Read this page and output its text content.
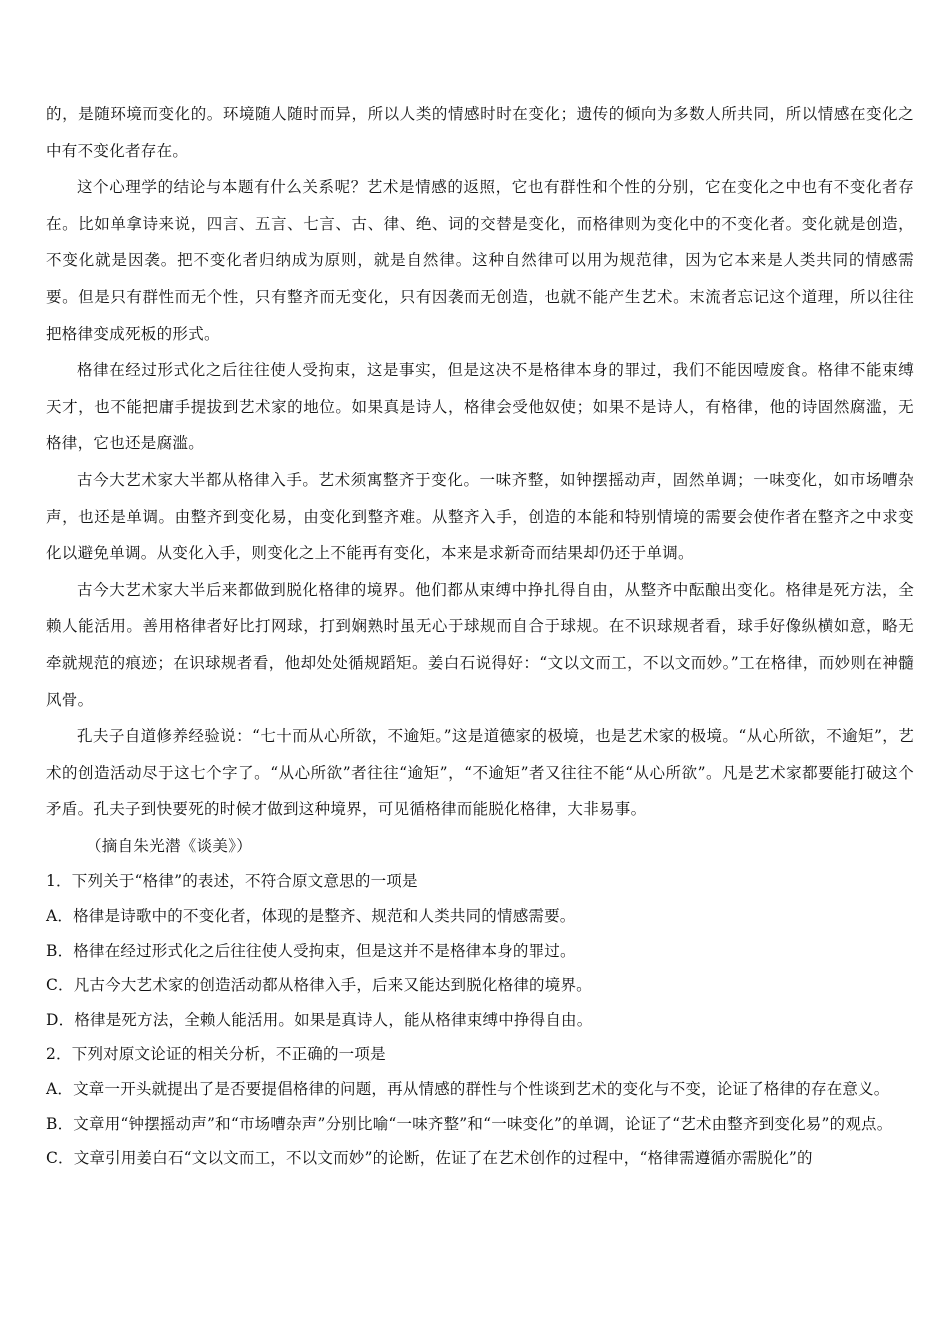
的，是随环境而变化的。环境随人随时而异，所以人类的情感时时在变化；遗传的倾向为多数人所共同，所以情感在变化之中有不变化者存在。

这个心理学的结论与本题有什么关系呢？艺术是情感的返照，它也有群性和个性的分别，它在变化之中也有不变化者存在。比如单拿诗来说，四言、五言、七言、古、律、绝、词的交替是变化，而格律则为变化中的不变化者。变化就是创造，不变化就是因袭。把不变化者归纳成为原则，就是自然律。这种自然律可以用为规范律，因为它本来是人类共同的情感需要。但是只有群性而无个性，只有整齐而无变化，只有因袭而无创造，也就不能产生艺术。末流者忘记这个道理，所以往往把格律变成死板的形式。

格律在经过形式化之后往往使人受拘束，这是事实，但是这决不是格律本身的罪过，我们不能因噎废食。格律不能束缚天才，也不能把庸手提拔到艺术家的地位。如果真是诗人，格律会受他奴使；如果不是诗人，有格律，他的诗固然腐滥，无格律，它也还是腐滥。

古今大艺术家大半都从格律入手。艺术须寓整齐于变化。一味齐整，如钟摆摇动声，固然单调；一味变化，如市场嘈杂声，也还是单调。由整齐到变化易，由变化到整齐难。从整齐入手，创造的本能和特别情境的需要会使作者在整齐之中求变化以避免单调。从变化入手，则变化之上不能再有变化，本来是求新奇而结果却仍还于单调。

古今大艺术家大半后来都做到脱化格律的境界。他们都从束缚中挣扎得自由，从整齐中酝酿出变化。格律是死方法，全赖人能活用。善用格律者好比打网球，打到娴熟时虽无心于球规而自合于球规。在不识球规者看，球手好像纵横如意，略无牵就规范的痕迹；在识球规者看，他却处处循规蹈矩。姜白石说得好：“文以文而工，不以文而妙。”工在格律，而妙则在神髓风骨。

孔夫子自道修养经验说：“七十而从心所欲，不逾矩。”这是道德家的极境，也是艺术家的极境。“从心所欲，不逾矩”，艺术的创造活动尽于这七个字了。“从心所欲”者往往“逾矩”，“不逾矩”者又往往不能“从心所欲”。凡是艺术家都要能打破这个矛盾。孔夫子到快要死的时候才做到这种境界，可见循格律而能脱化格律，大非易事。

（摘自朱光潜《谈美》）

1．下列关于“格律”的表述，不符合原文意思的一项是

A．格律是诗歌中的不变化者，体现的是整齐、规范和人类共同的情感需要。

B．格律在经过形式化之后往往使人受拘束，但是这并不是格律本身的罪过。

C．凡古今大艺术家的创造活动都从格律入手，后来又能达到脱化格律的境界。

D．格律是死方法，全赖人能活用。如果是真诗人，能从格律束缚中挣得自由。

2．下列对原文论证的相关分析，不正确的一项是

A．文章一开头就提出了是否要提倡格律的问题，再从情感的群性与个性谈到艺术的变化与不变，论证了格律的存在意义。

B．文章用“钟摆摇动声”和“市场嘈杂声”分别比喻“一味齐整”和“一味变化”的单调，论证了“艺术由整齐到变化易”的观点。

C．文章引用姜白石“文以文而工，不以文而妙”的论断，佐证了在艺术创作的过程中，“格律需遵循亦需脱化”的
